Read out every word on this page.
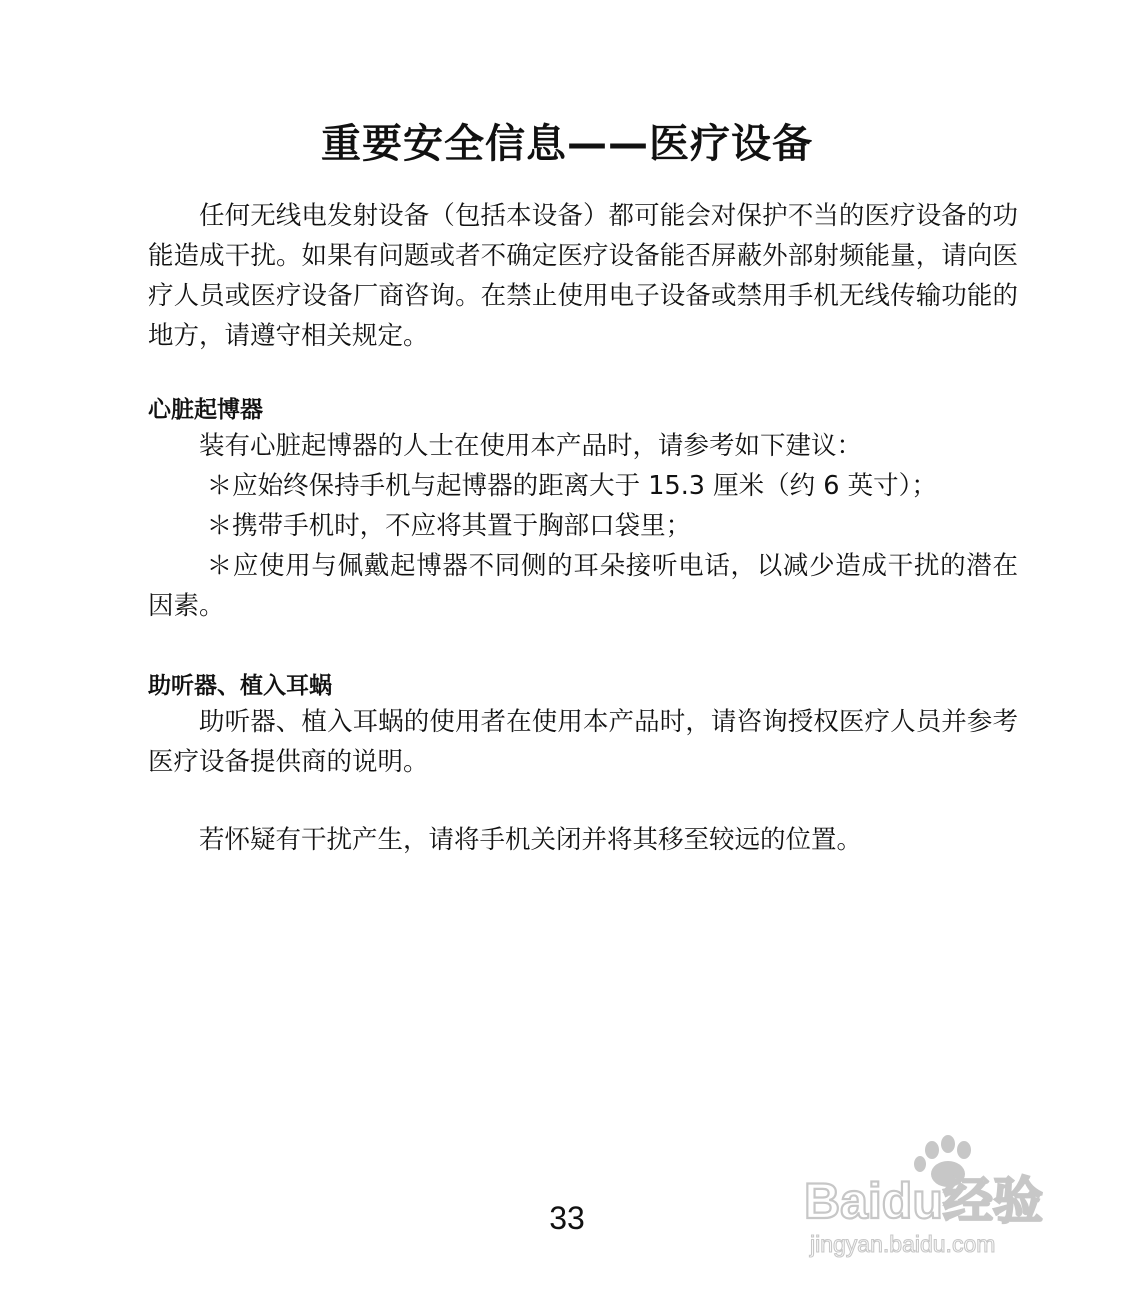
重要安全信息——医疗设备

任何无线电发射设备（包括本设备）都可能会对保护不当的医疗设备的功能造成干扰。如果有问题或者不确定医疗设备能否屏蔽外部射频能量，请向医疗人员或医疗设备厂商咨询。在禁止使用电子设备或禁用手机无线传输功能的地方，请遵守相关规定。

心脏起博器

装有心脏起博器的人士在使用本产品时，请参考如下建议：

＊应始终保持手机与起博器的距离大于 15.3 厘米（约 6 英寸）；

＊携带手机时，不应将其置于胸部口袋里；

＊应使用与佩戴起博器不同侧的耳朵接听电话，以减少造成干扰的潜在因素。

助听器、植入耳蜗

助听器、植入耳蜗的使用者在使用本产品时，请咨询授权医疗人员并参考医疗设备提供商的说明。

若怀疑有干扰产生，请将手机关闭并将其移至较远的位置。

33	Baidu经验
jingyan.baidu.com
